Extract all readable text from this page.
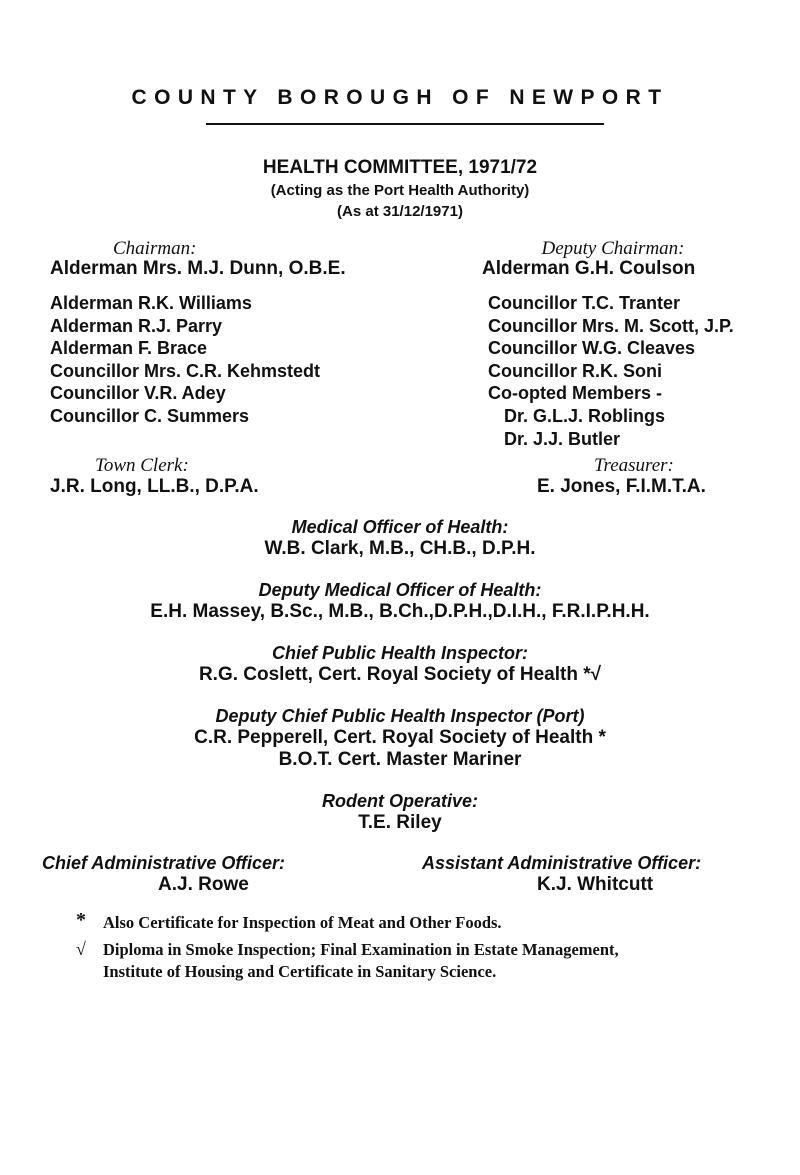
COUNTY BOROUGH OF NEWPORT
HEALTH COMMITTEE, 1971/72
(Acting as the Port Health Authority)
(As at 31/12/1971)
Chairman:
Alderman Mrs. M.J. Dunn, O.B.E.
Deputy Chairman:
Alderman G.H. Coulson
Alderman R.K. Williams
Alderman R.J. Parry
Alderman F. Brace
Councillor Mrs. C.R. Kehmstedt
Councillor V.R. Adey
Councillor C. Summers
Councillor T.C. Tranter
Councillor Mrs. M. Scott, J.P.
Councillor W.G. Cleaves
Councillor R.K. Soni
Co-opted Members -
Dr. G.L.J. Roblings
Dr. J.J. Butler
Town Clerk:
J.R. Long, LL.B., D.P.A.
Treasurer:
E. Jones, F.I.M.T.A.
Medical Officer of Health:
W.B. Clark, M.B., CH.B., D.P.H.
Deputy Medical Officer of Health:
E.H. Massey, B.Sc., M.B., B.Ch.,D.P.H.,D.I.H., F.R.I.P.H.H.
Chief Public Health Inspector:
R.G. Coslett, Cert. Royal Society of Health *√
Deputy Chief Public Health Inspector (Port)
C.R. Pepperell, Cert. Royal Society of Health *
B.O.T. Cert. Master Mariner
Rodent Operative:
T.E. Riley
Chief Administrative Officer:
A.J. Rowe
Assistant Administrative Officer:
K.J. Whitcutt
* Also Certificate for Inspection of Meat and Other Foods.
√ Diploma in Smoke Inspection; Final Examination in Estate Management,
Institute of Housing and Certificate in Sanitary Science.
